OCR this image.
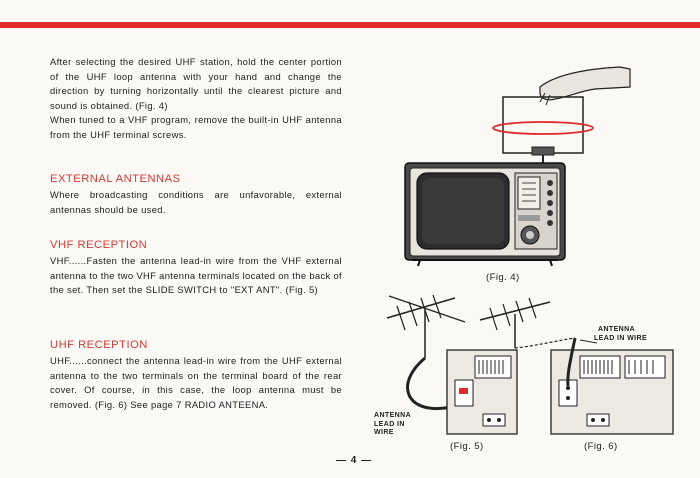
After selecting the desired UHF station, hold the center portion of the UHF loop antenna with your hand and change the direction by turning horizontally until the clearest picture and sound is obtained. (Fig. 4)

When tuned to a VHF program, remove the built-in UHF antenna from the UHF terminal screws.

EXTERNAL ANTENNAS
Where broadcasting conditions are unfavorable, external antennas should be used.
VHF RECEPTION
VHF......Fasten the antenna lead-in wire from the VHF external antenna to the two VHF antenna terminals located on the back of the set. Then set the SLIDE SWITCH to "EXT ANT". (Fig. 5)
UHF RECEPTION
UHF......connect the antenna lead-in wire from the UHF external antenna to the two terminals on the terminal board of the rear cover. Of course, in this case, the loop antenna must be removed. (Fig. 6) See page 7 RADIO ANTEENA.
(Fig. 4)
ANTENNA
LEAD IN
WIRE
ANTENNA
LEAD IN WIRE
(Fig. 5)	(Fig. 6)
— 4 —
